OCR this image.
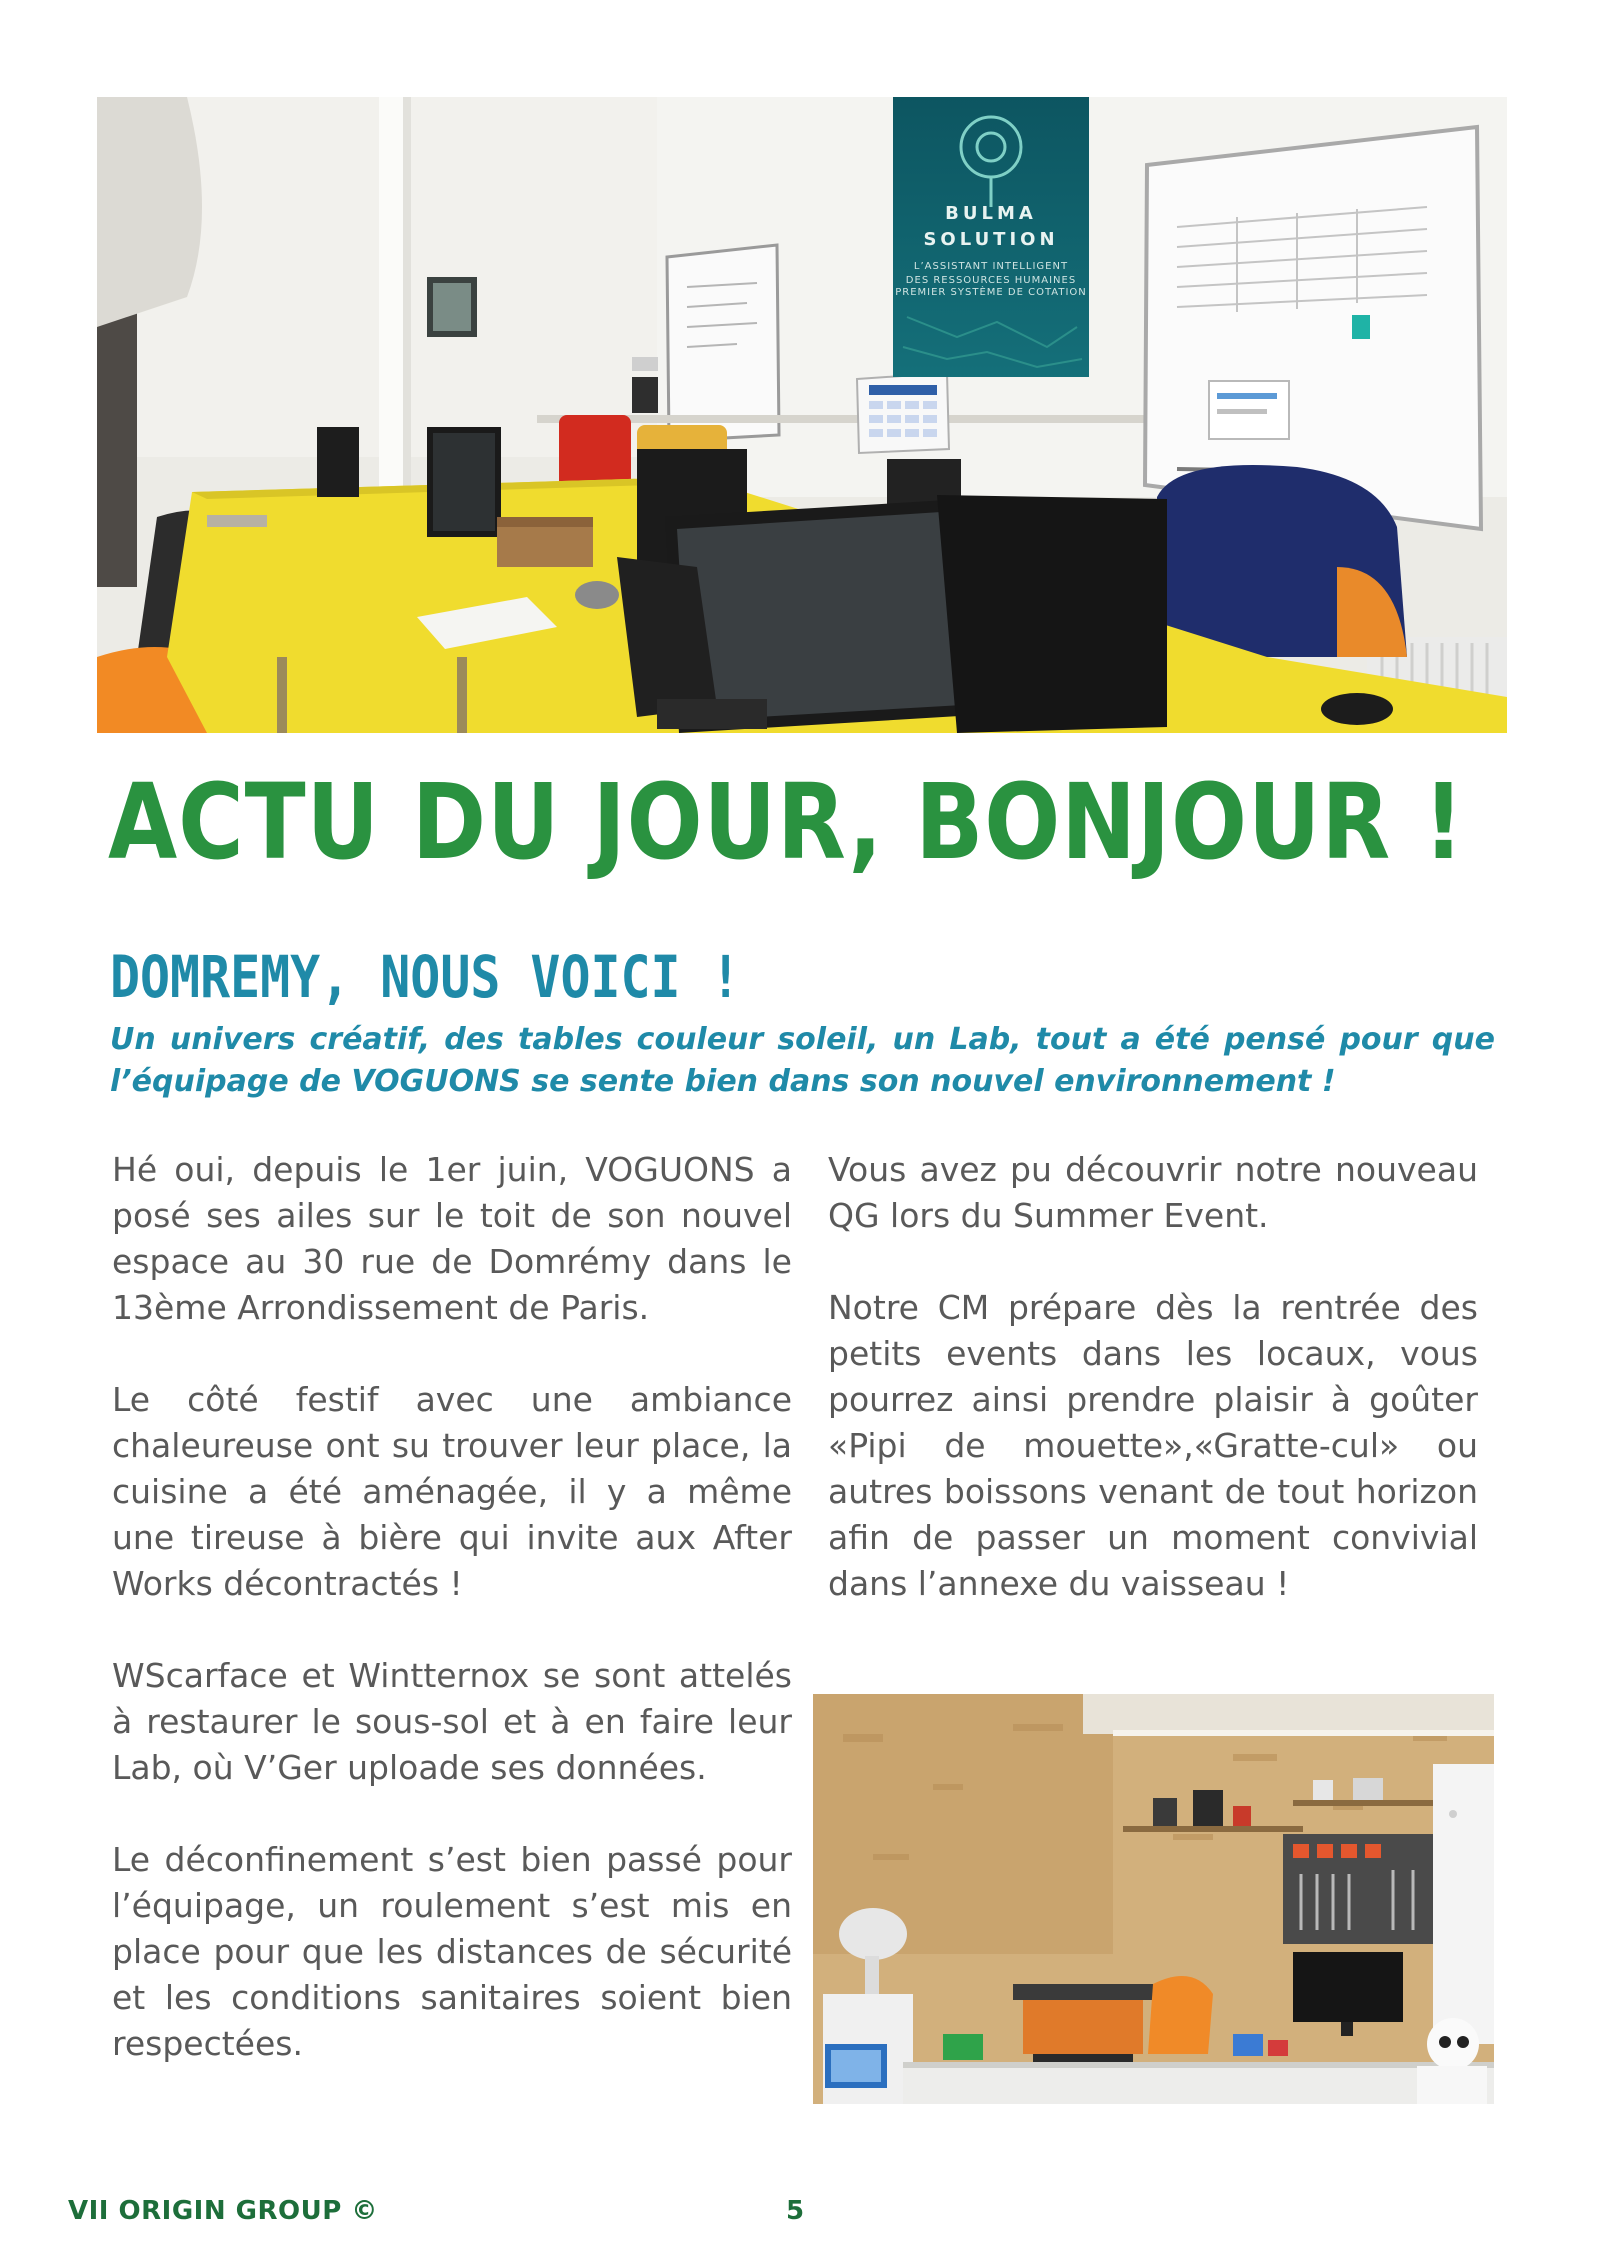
BULMA
SOLUTION
L’ASSISTANT INTELLIGENT
DES RESSOURCES HUMAINES
PREMIER SYSTÈME DE COTATION
ACTU DU JOUR, BONJOUR !
DOMREMY, NOUS VOICI !

Un univers créatif, des tables couleur soleil, un Lab, tout a été pensé pour que l’équipage de VOGUONS se sente bien dans son nouvel environnement !

Hé oui, depuis le 1er juin, VOGUONS a posé ses ailes sur le toit de son nouvel espace au 30 rue de Domrémy dans le 13ème Arrondissement de Paris.

Le côté festif avec une ambiance chaleureuse ont su trouver leur place, la cuisine a été aménagée, il y a même une tireuse à bière qui invite aux After Works décontractés !

WScarface et Wintternox se sont attelés à restaurer le sous-sol et à en faire leur Lab, où V’Ger uploade ses données.

Le déconfinement s’est bien passé pour l’équipage, un roulement s’est mis en place pour que les distances de sécurité et les conditions sanitaires soient bien respectées.

Vous avez pu découvrir notre nouveau QG lors du Summer Event.

Notre CM prépare dès la rentrée des petits events dans les locaux, vous pourrez ainsi prendre plaisir à goûter «Pipi de mouette»,«Gratte-cul» ou autres boissons venant de tout horizon afin de passer un moment convivial dans l’annexe du vaisseau !

VII ORIGIN GROUP ©	5
